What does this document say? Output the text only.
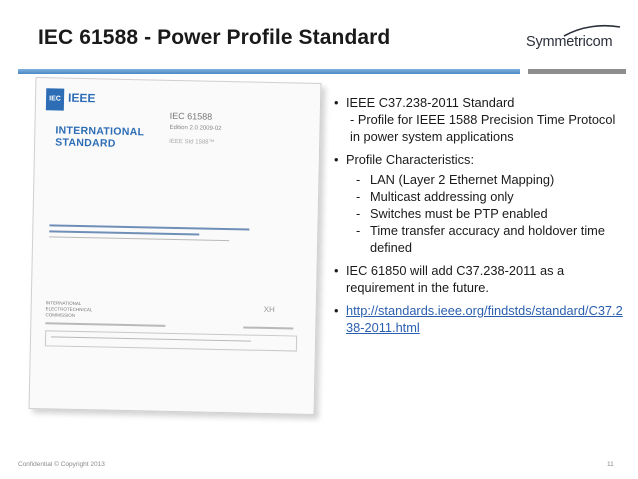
IEC 61588 - Power Profile Standard	Symmetricom
IEC IEEE
IEC 61588
Edition 2.0 2009-02
IEEE Std 1588™
INTERNATIONAL
STANDARD
INTERNATIONAL
ELECTROTECHNICAL
COMMISSION
XH
• IEEE C37.238-2011 Standard
- Profile for IEEE 1588 Precision Time Protocol in power system applications
• Profile Characteristics:
- LAN (Layer 2 Ethernet Mapping)
- Multicast addressing only
- Switches must be PTP enabled
- Time transfer accuracy and holdover time defined
• IEC 61850 will add C37.238-2011 as a requirement in the future.
• http://standards.ieee.org/findstds/standard/C37.238-2011.html
Confidential © Copyright 2013	11
